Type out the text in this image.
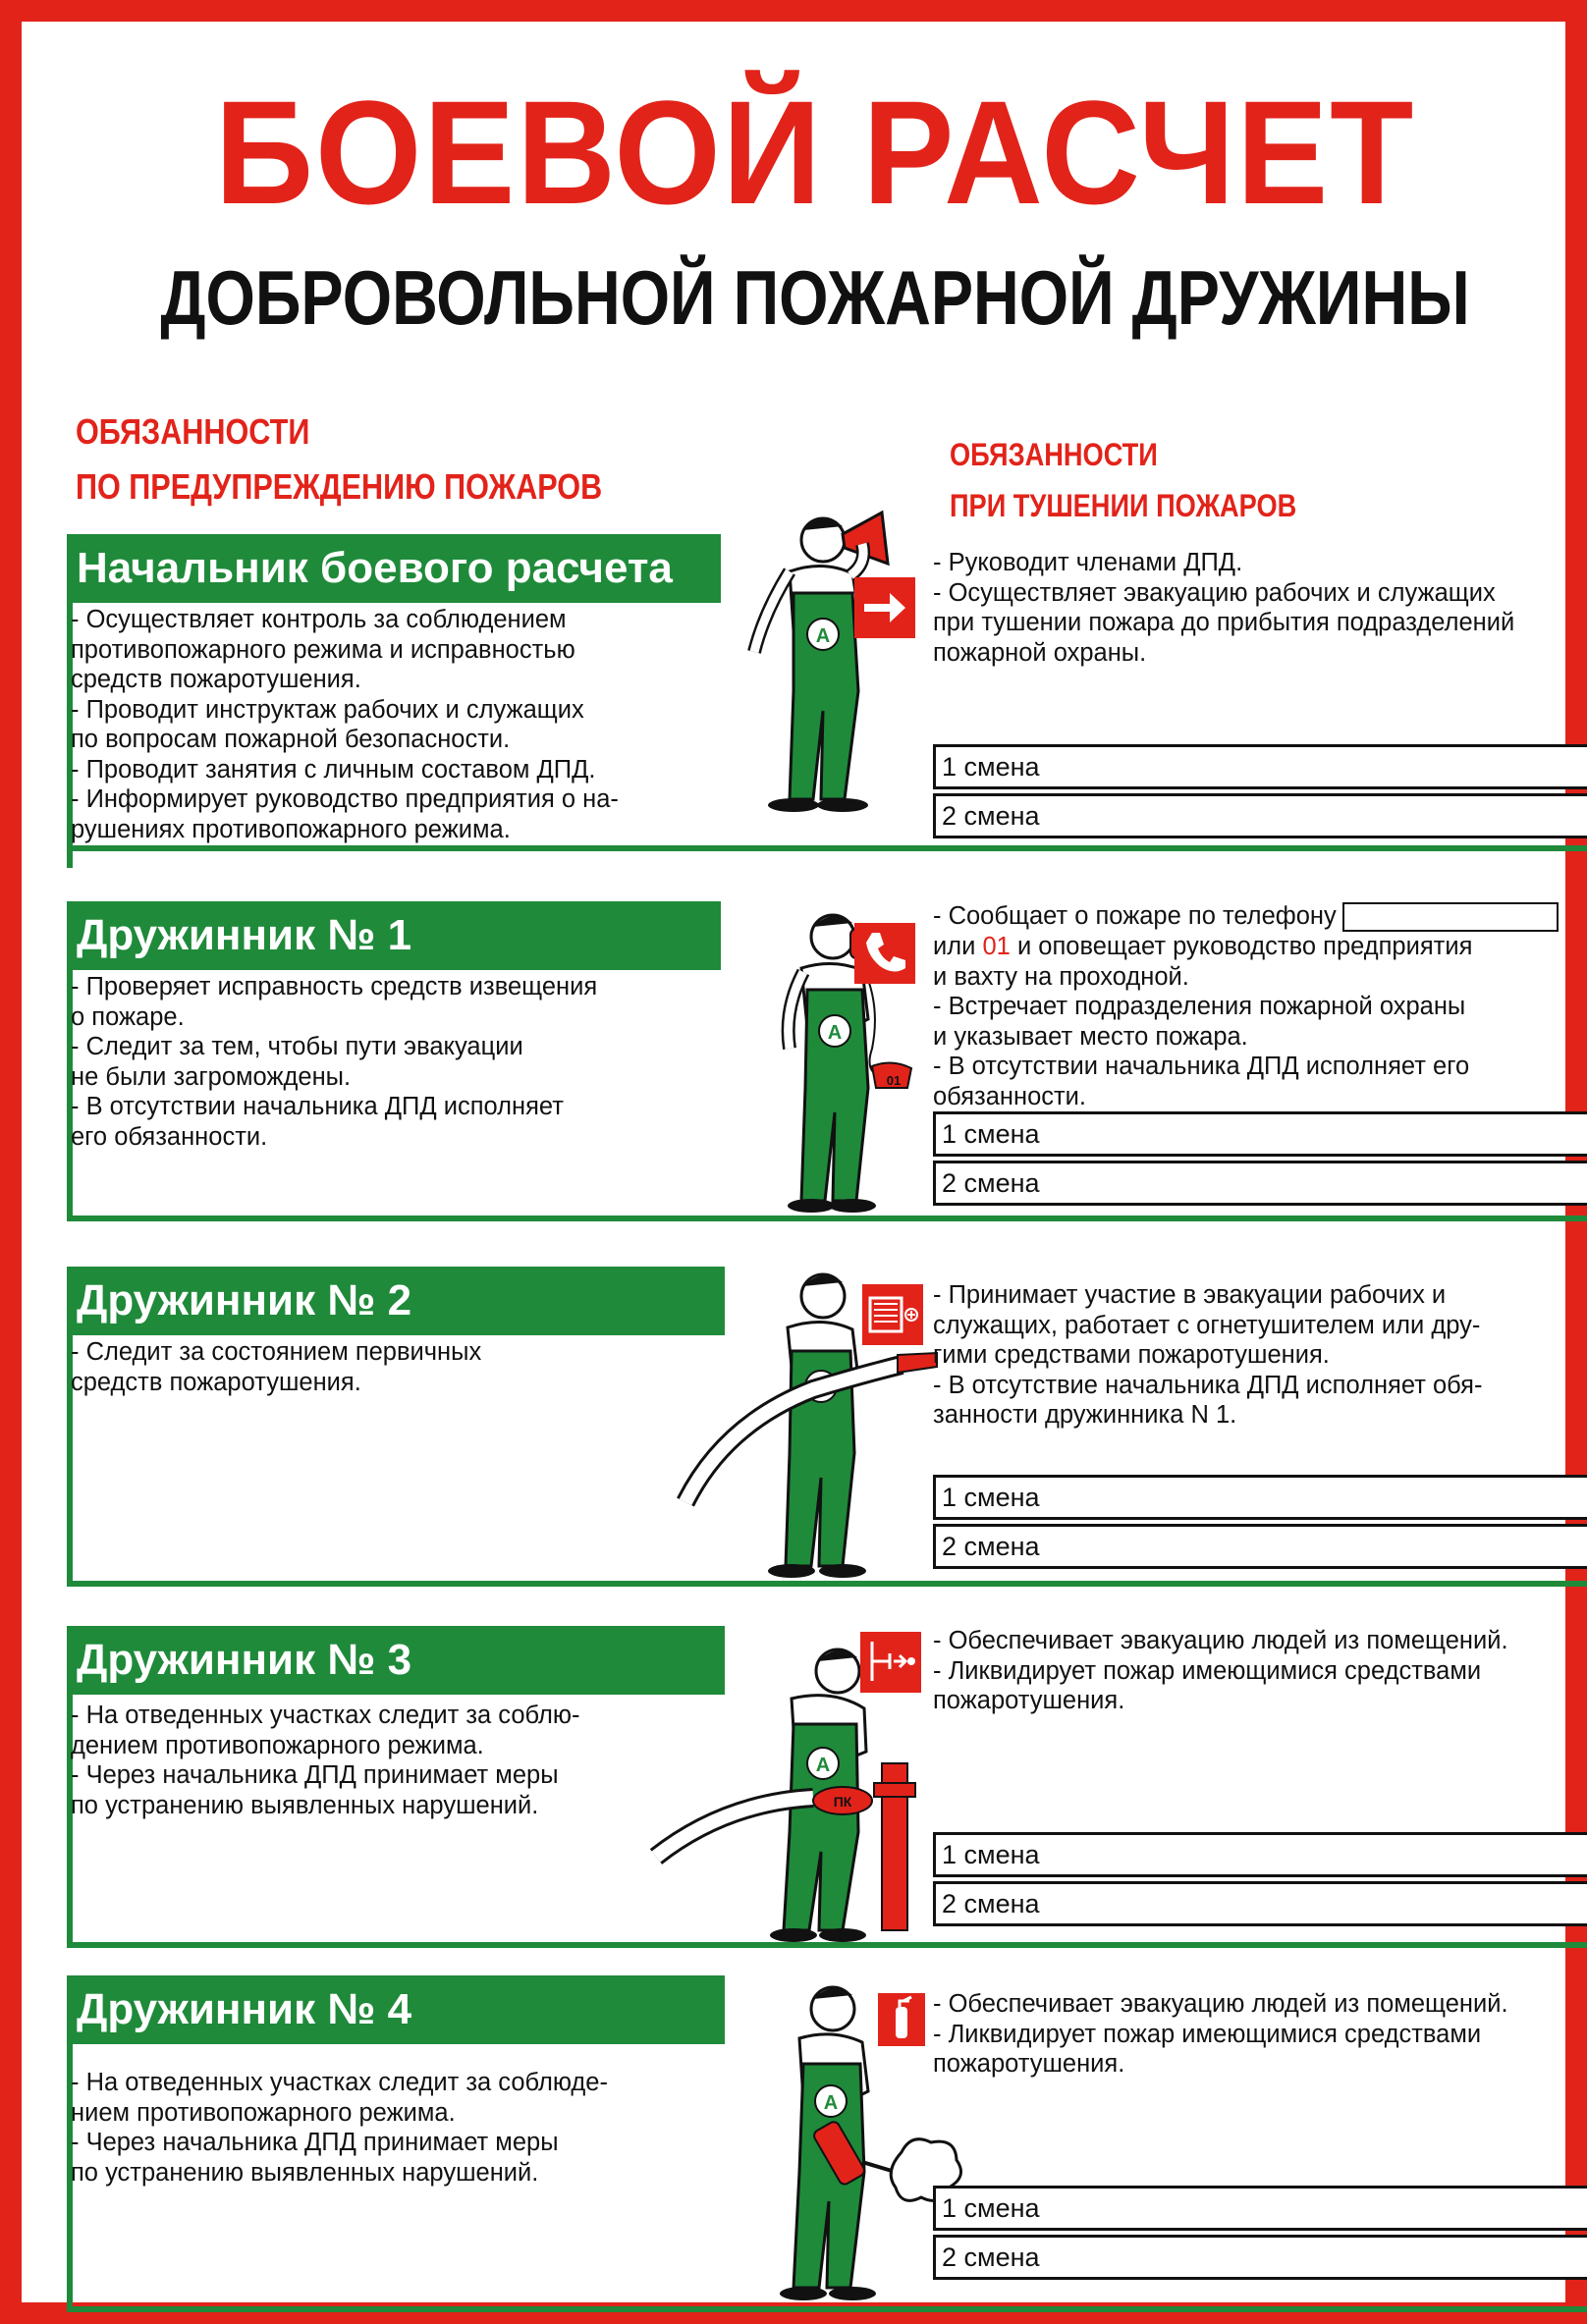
БОЕВОЙ РАСЧЕТ
ДОБРОВОЛЬНОЙ ПОЖАРНОЙ ДРУЖИНЫ
ОБЯЗАННОСТИ
ПО ПРЕДУПРЕЖДЕНИЮ ПОЖАРОВ
ОБЯЗАННОСТИ
ПРИ ТУШЕНИИ ПОЖАРОВ
Начальник боевого расчета
- Осуществляет контроль за соблюдением
противопожарного режима и исправностью
средств пожаротушения.
- Проводит инструктаж рабочих и служащих
по вопросам пожарной безопасности.
- Проводит занятия с личным составом ДПД.
- Информирует руководство предприятия о на-
рушениях противопожарного режима.
A
- Руководит членами ДПД.
- Осуществляет эвакуацию рабочих и служащих
при тушении пожара до прибытия подразделений
пожарной охраны.
1 смена
2 смена
Дружинник № 1
- Проверяет исправность средств извещения
о пожаре.
- Следит за тем, чтобы пути эвакуации
не были загромождены.
- В отсутствии начальника ДПД исполняет
его обязанности.
A
01
- Сообщает о пожаре по телефону
или 01 и оповещает руководство предприятия
и вахту на проходной.
- Встречает подразделения пожарной охраны
и указывает место пожара.
- В отсутствии начальника ДПД исполняет его
обязанности.
1 смена
2 смена
Дружинник № 2
- Следит за состоянием первичных
средств пожаротушения.	A
- Принимает участие в эвакуации рабочих и
служащих, работает с огнетушителем или дру-
гими средствами пожаротушения.
- В отсутствие начальника ДПД исполняет обя-
занности дружинника N 1.
1 смена
2 смена
Дружинник № 3
- На отведенных участках следит за соблю-
дением противопожарного режима.
- Через начальника ДПД принимает меры
по устранению выявленных нарушений.
A
ПК
- Обеспечивает эвакуацию людей из помещений.
- Ликвидирует пожар имеющимися средствами
пожаротушения.
1 смена
2 смена
Дружинник № 4
- На отведенных участках следит за соблюде-
нием противопожарного режима.
- Через начальника ДПД принимает меры
по устранению выявленных нарушений.
A
- Обеспечивает эвакуацию людей из помещений.
- Ликвидирует пожар имеющимися средствами
пожаротушения.
1 смена
2 смена
